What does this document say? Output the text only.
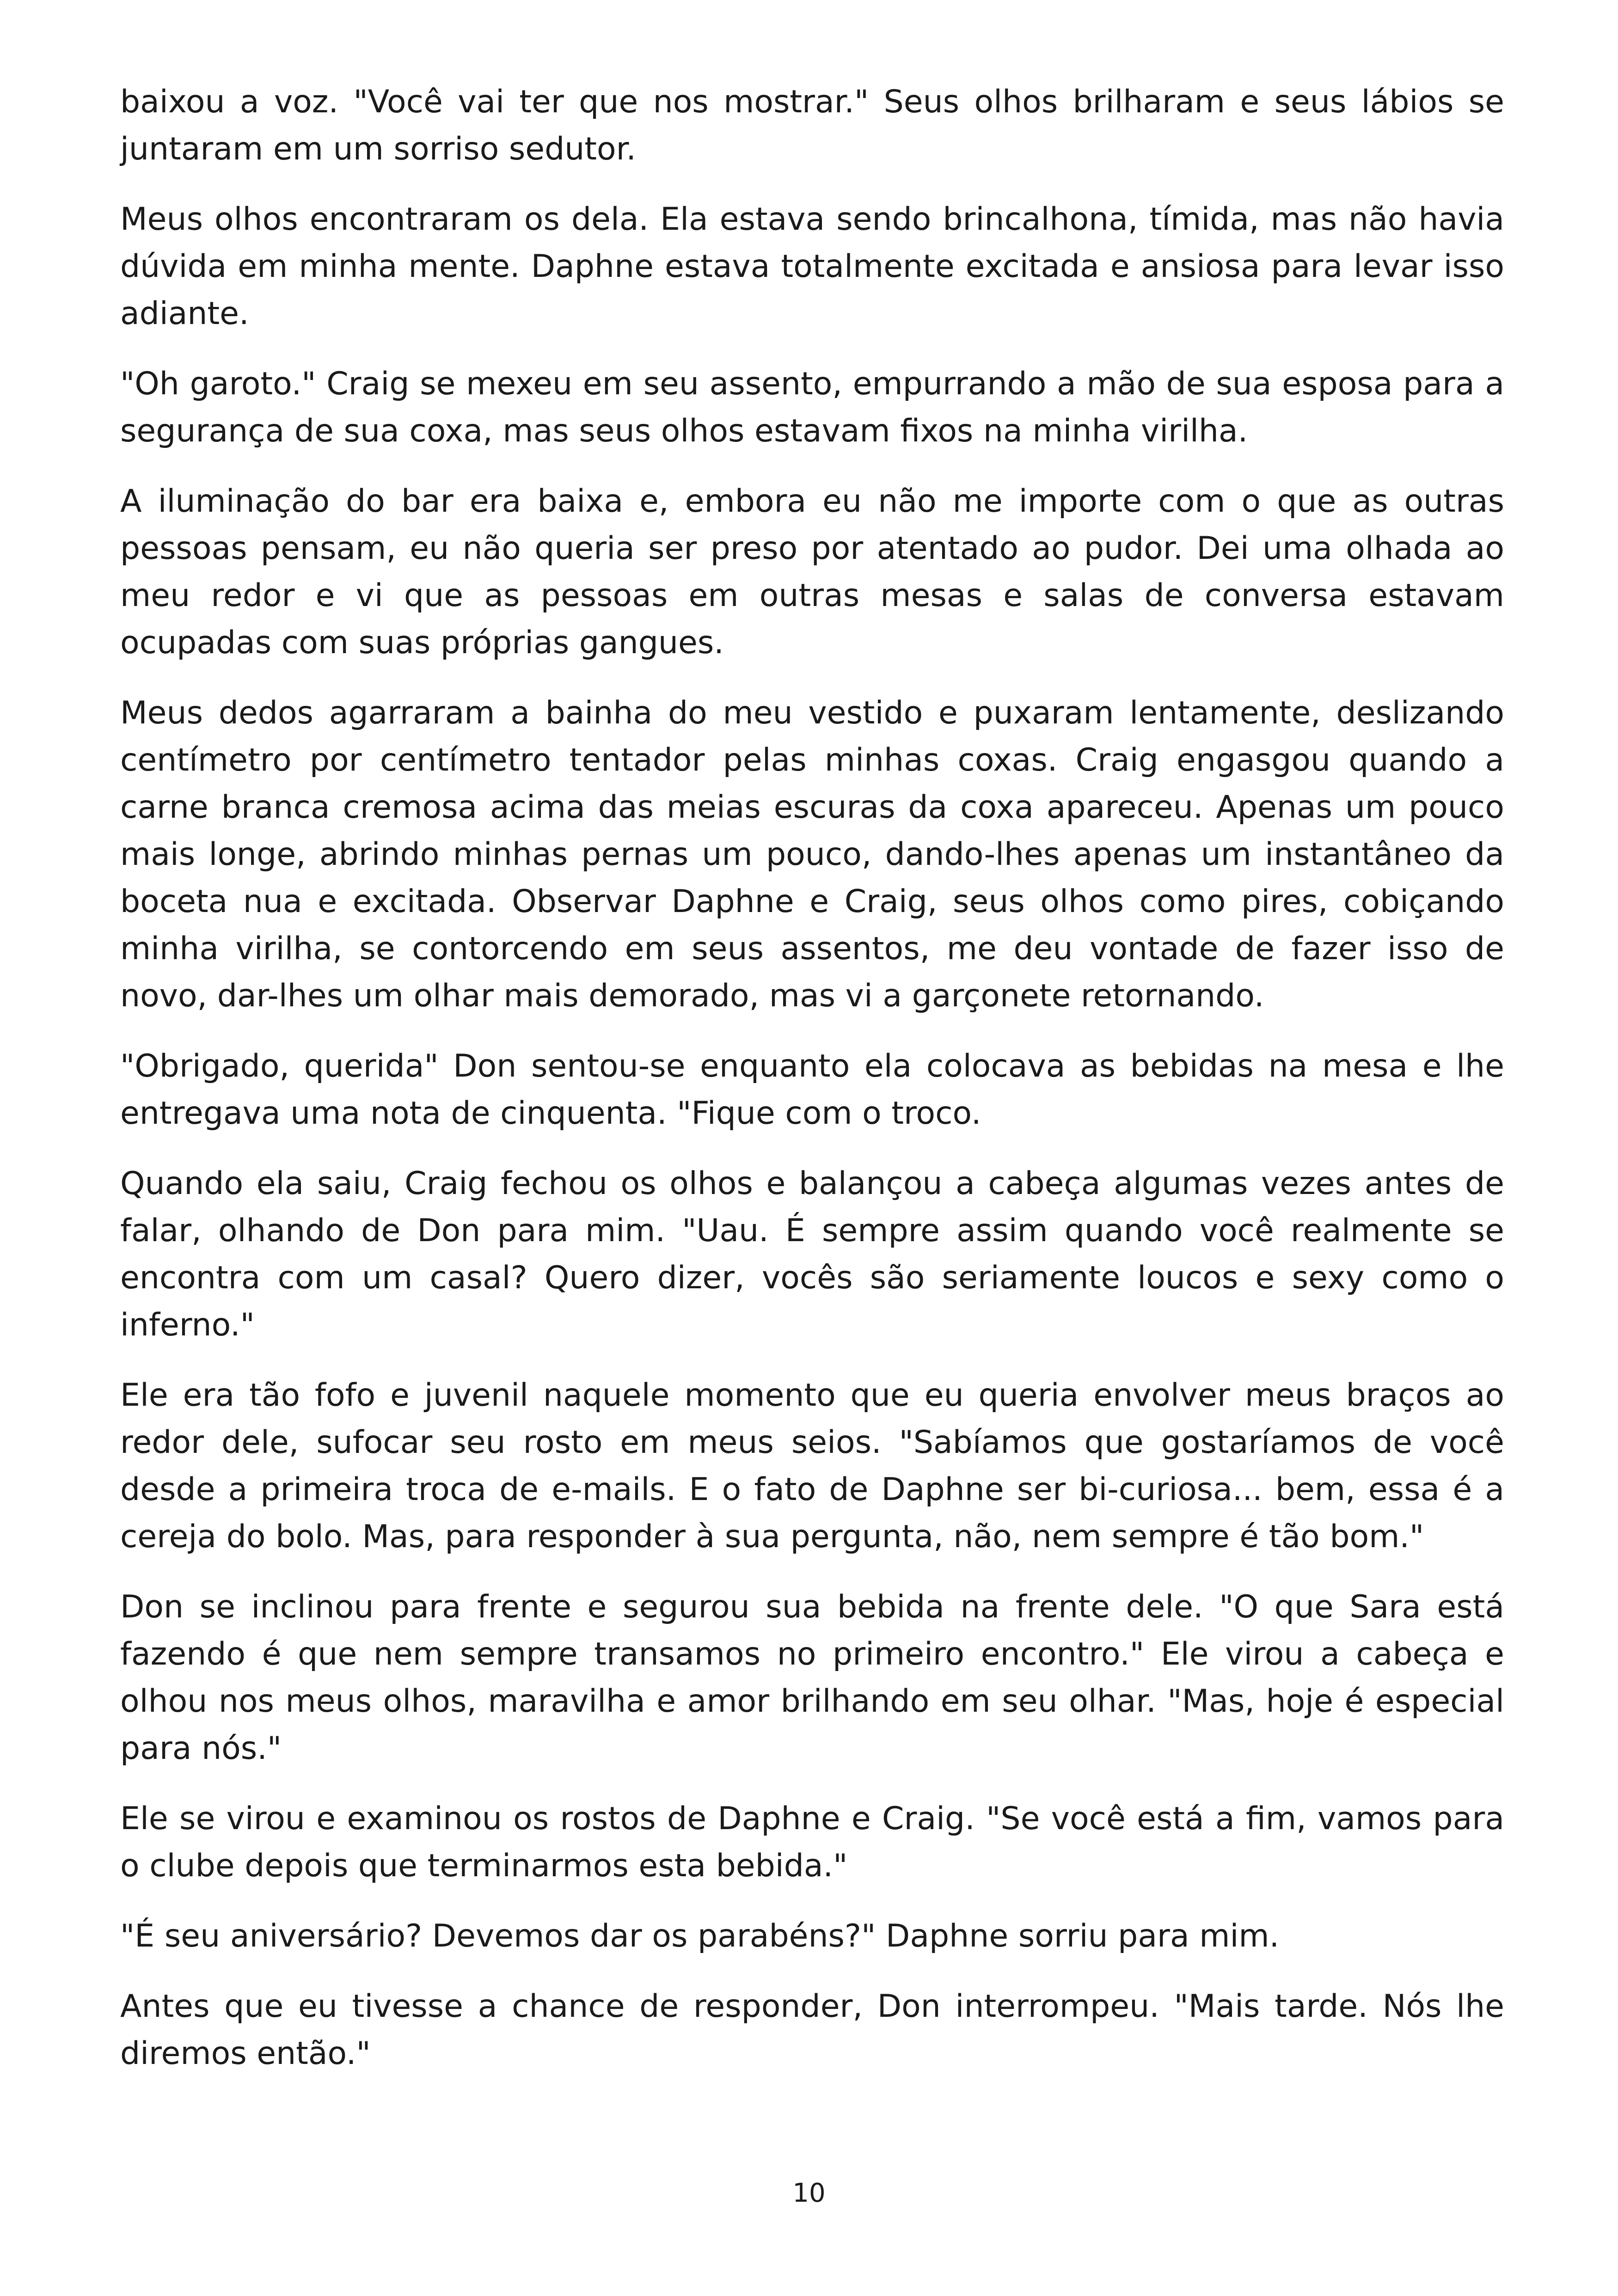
baixou a voz. "Você vai ter que nos mostrar." Seus olhos brilharam e seus lábios se juntaram em um sorriso sedutor.

Meus olhos encontraram os dela. Ela estava sendo brincalhona, tímida, mas não havia dúvida em minha mente. Daphne estava totalmente excitada e ansiosa para levar isso adiante.

"Oh garoto." Craig se mexeu em seu assento, empurrando a mão de sua esposa para a segurança de sua coxa, mas seus olhos estavam fixos na minha virilha.

A iluminação do bar era baixa e, embora eu não me importe com o que as outras pessoas pensam, eu não queria ser preso por atentado ao pudor. Dei uma olhada ao meu redor e vi que as pessoas em outras mesas e salas de conversa estavam ocupadas com suas próprias gangues.

Meus dedos agarraram a bainha do meu vestido e puxaram lentamente, deslizando centímetro por centímetro tentador pelas minhas coxas. Craig engasgou quando a carne branca cremosa acima das meias escuras da coxa apareceu. Apenas um pouco mais longe, abrindo minhas pernas um pouco, dando-lhes apenas um instantâneo da boceta nua e excitada. Observar Daphne e Craig, seus olhos como pires, cobiçando minha virilha, se contorcendo em seus assentos, me deu vontade de fazer isso de novo, dar-lhes um olhar mais demorado, mas vi a garçonete retornando.

"Obrigado, querida" Don sentou-se enquanto ela colocava as bebidas na mesa e lhe entregava uma nota de cinquenta. "Fique com o troco.

Quando ela saiu, Craig fechou os olhos e balançou a cabeça algumas vezes antes de falar, olhando de Don para mim. "Uau. É sempre assim quando você realmente se encontra com um casal? Quero dizer, vocês são seriamente loucos e sexy como o inferno."

Ele era tão fofo e juvenil naquele momento que eu queria envolver meus braços ao redor dele, sufocar seu rosto em meus seios. "Sabíamos que gostaríamos de você desde a primeira troca de e-mails. E o fato de Daphne ser bi-curiosa... bem, essa é a cereja do bolo. Mas, para responder à sua pergunta, não, nem sempre é tão bom."

Don se inclinou para frente e segurou sua bebida na frente dele. "O que Sara está fazendo é que nem sempre transamos no primeiro encontro." Ele virou a cabeça e olhou nos meus olhos, maravilha e amor brilhando em seu olhar. "Mas, hoje é especial para nós."

Ele se virou e examinou os rostos de Daphne e Craig. "Se você está a fim, vamos para o clube depois que terminarmos esta bebida."

"É seu aniversário? Devemos dar os parabéns?" Daphne sorriu para mim.

Antes que eu tivesse a chance de responder, Don interrompeu. "Mais tarde. Nós lhe diremos então."

10
